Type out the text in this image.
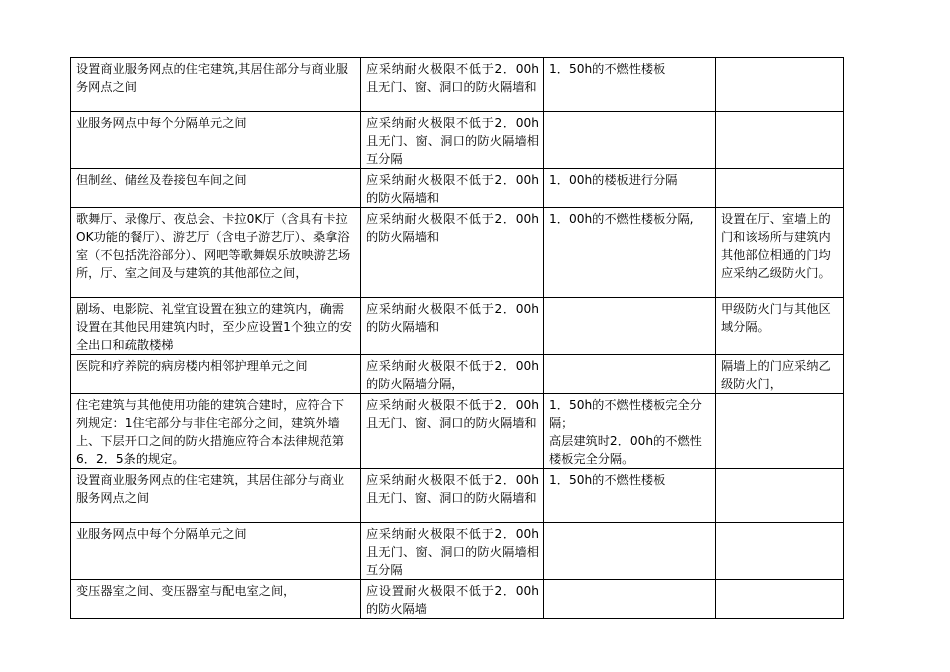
设置商业服务网点的住宅建筑,其居住部分与商业服务网点之间	应采纳耐火极限不低于2．00h且无门、窗、洞口的防火隔墙和	1．50h的不燃性楼板	
业服务网点中每个分隔单元之间	应采纳耐火极限不低于2．00h且无门、窗、洞口的防火隔墙相互分隔		
但制丝、储丝及卷接包车间之间	应采纳耐火极限不低于2．00h的防火隔墙和	1．00h的楼板进行分隔	
歌舞厅、录像厅、夜总会、卡拉0K厅（含具有卡拉OK功能的餐厅）、游艺厅（含电子游艺厅）、桑拿浴室（不包括洗浴部分）、网吧等歌舞娱乐放映游艺场所，厅、室之间及与建筑的其他部位之间，	应采纳耐火极限不低于2．00h的防火隔墙和	1．00h的不燃性楼板分隔,	设置在厅、室墙上的门和该场所与建筑内其他部位相通的门均应采纳乙级防火门。
剧场、电影院、礼堂宜设置在独立的建筑内，确需设置在其他民用建筑内时，至少应设置1个独立的安全出口和疏散楼梯	应采纳耐火极限不低于2．00h的防火隔墙和		甲级防火门与其他区域分隔。
医院和疗养院的病房楼内相邻护理单元之间	应采纳耐火极限不低于2．00h的防火隔墙分隔，		隔墙上的门应采纳乙级防火门，
住宅建筑与其他使用功能的建筑合建时，应符合下列规定：1住宅部分与非住宅部分之间，建筑外墙上、下层开口之间的防火措施应符合本法律规范第6．2．5条的规定。	应采纳耐火极限不低于2．00h且无门、窗、洞口的防火隔墙和	1．50h的不燃性楼板完全分隔；
高层建筑时2．00h的不燃性楼板完全分隔。	
设置商业服务网点的住宅建筑，其居住部分与商业服务网点之间	应采纳耐火极限不低于2．00h且无门、窗、洞口的防火隔墙和	1．50h的不燃性楼板	
业服务网点中每个分隔单元之间	应采纳耐火极限不低于2．00h且无门、窗、洞口的防火隔墙相互分隔		
变压器室之间、变压器室与配电室之间，	应设置耐火极限不低于2．00h的防火隔墙		
